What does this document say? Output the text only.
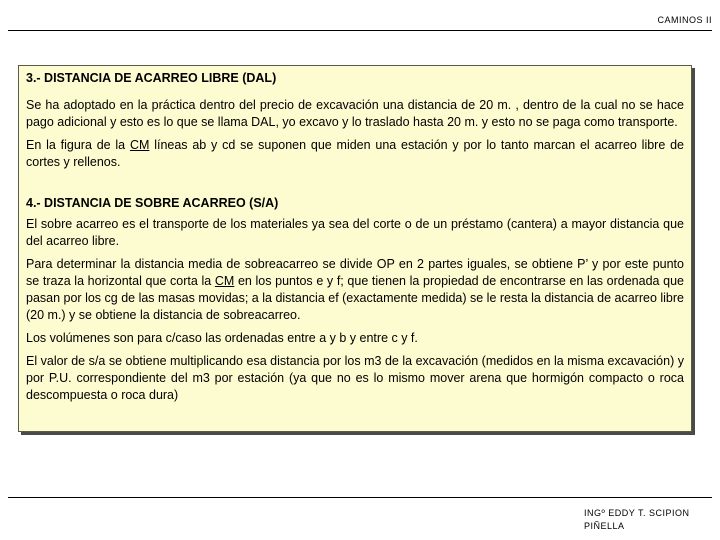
CAMINOS II
3.- DISTANCIA DE ACARREO LIBRE (DAL)

Se ha adoptado en la práctica dentro del precio de excavación una distancia de 20 m. , dentro de la cual no se hace pago adicional y esto es lo que se llama DAL, yo excavo y lo traslado hasta 20 m. y esto no se paga como transporte.

En la figura de la CM líneas ab y cd se suponen que miden una estación y por lo tanto marcan el acarreo libre de cortes y rellenos.

4.- DISTANCIA DE SOBRE ACARREO (S/A)

El sobre acarreo es el transporte de los materiales ya sea del corte o de un préstamo (cantera) a mayor distancia que del acarreo libre.

Para determinar la distancia media de sobreacarreo se divide OP en 2 partes iguales, se obtiene P’ y por este punto se traza la horizontal que corta la CM en los puntos e y f; que tienen la propiedad de encontrarse en las ordenada que pasan por los cg de las masas movidas; a la distancia ef (exactamente medida) se le resta la distancia de acarreo libre (20 m.) y se obtiene la distancia de sobreacarreo.

Los volúmenes son para c/caso las ordenadas entre a y b y entre c y f.

El valor de s/a se obtiene multiplicando esa distancia por los m3 de la excavación (medidos en la misma excavación) y por P.U. correspondiente del m3 por estación (ya que no es lo mismo mover arena que hormigón compacto o roca descompuesta o roca dura)

INGº EDDY T. SCIPION
PIÑELLA
